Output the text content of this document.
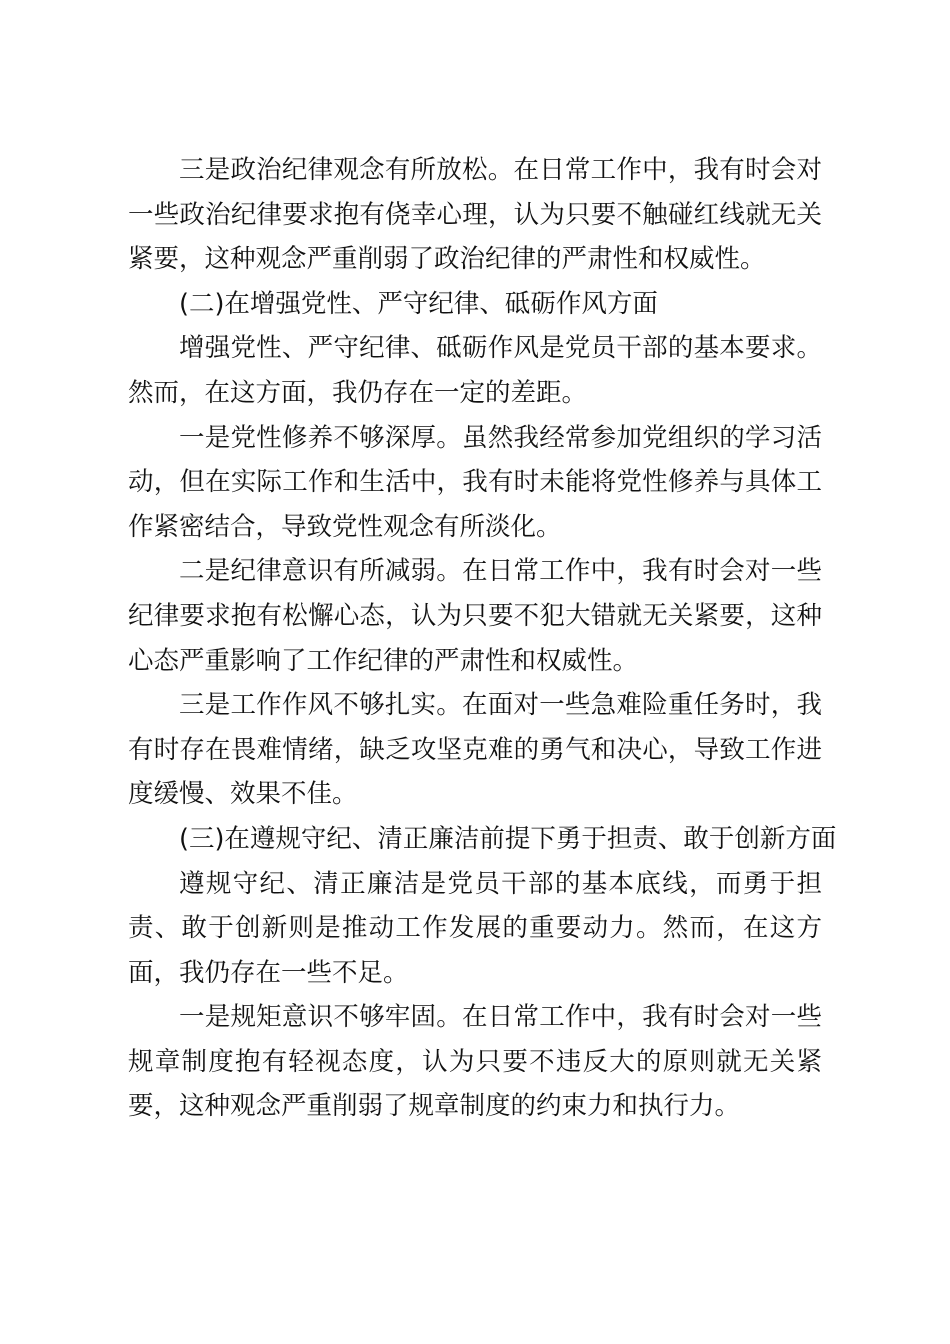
三是政治纪律观念有所放松。在日常工作中，我有时会对一些政治纪律要求抱有侥幸心理，认为只要不触碰红线就无关紧要，这种观念严重削弱了政治纪律的严肃性和权威性。

(二)在增强党性、严守纪律、砥砺作风方面

增强党性、严守纪律、砥砺作风是党员干部的基本要求。然而，在这方面，我仍存在一定的差距。

一是党性修养不够深厚。虽然我经常参加党组织的学习活动，但在实际工作和生活中，我有时未能将党性修养与具体工作紧密结合，导致党性观念有所淡化。

二是纪律意识有所减弱。在日常工作中，我有时会对一些纪律要求抱有松懈心态，认为只要不犯大错就无关紧要，这种心态严重影响了工作纪律的严肃性和权威性。

三是工作作风不够扎实。在面对一些急难险重任务时，我有时存在畏难情绪，缺乏攻坚克难的勇气和决心，导致工作进度缓慢、效果不佳。

(三)在遵规守纪、清正廉洁前提下勇于担责、敢于创新方面

遵规守纪、清正廉洁是党员干部的基本底线，而勇于担责、敢于创新则是推动工作发展的重要动力。然而，在这方面，我仍存在一些不足。

一是规矩意识不够牢固。在日常工作中，我有时会对一些规章制度抱有轻视态度，认为只要不违反大的原则就无关紧要，这种观念严重削弱了规章制度的约束力和执行力。
